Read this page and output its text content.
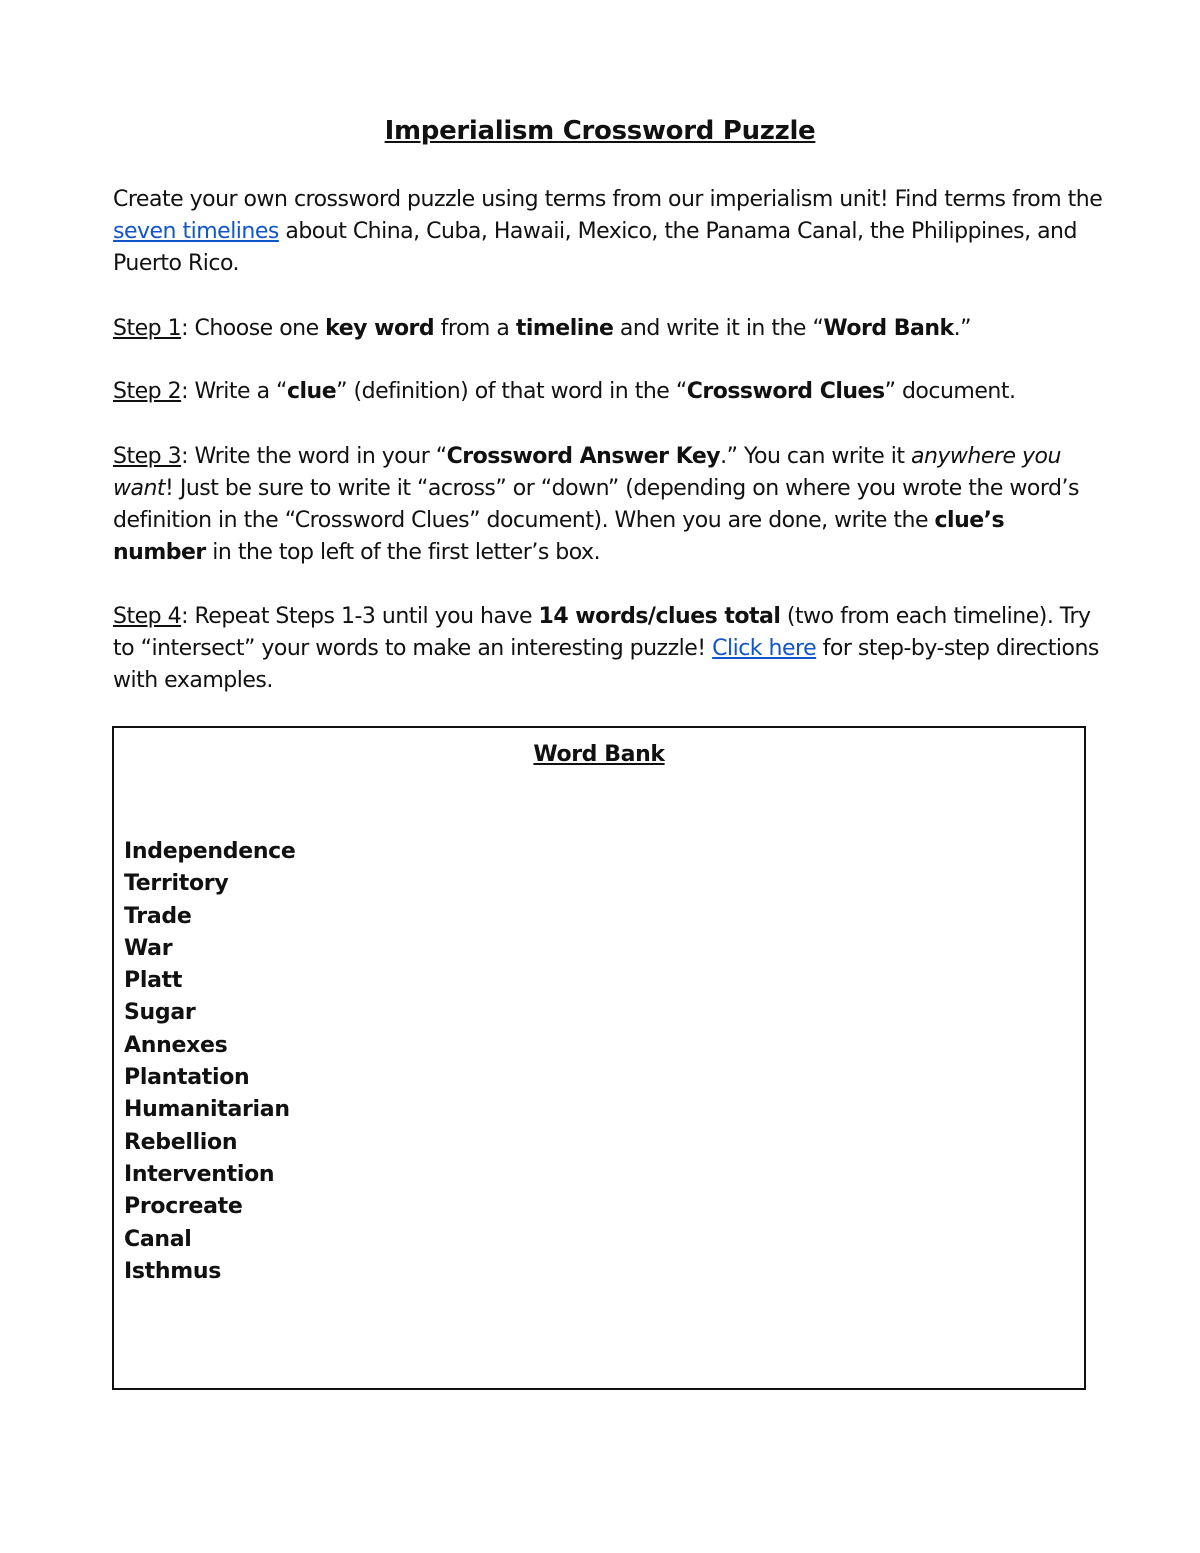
Imperialism Crossword Puzzle

Create your own crossword puzzle using terms from our imperialism unit! Find terms from the seven timelines about China, Cuba, Hawaii, Mexico, the Panama Canal, the Philippines, and Puerto Rico.

Step 1: Choose one key word from a timeline and write it in the “Word Bank.”

Step 2: Write a “clue” (definition) of that word in the “Crossword Clues” document.

Step 3: Write the word in your “Crossword Answer Key.” You can write it anywhere you want! Just be sure to write it “across” or “down” (depending on where you wrote the word’s definition in the “Crossword Clues” document). When you are done, write the clue’s number in the top left of the first letter’s box.

Step 4: Repeat Steps 1-3 until you have 14 words/clues total (two from each timeline). Try to “intersect” your words to make an interesting puzzle! Click here for step-by-step directions with examples.

Word Bank
Independence
Territory
Trade
War
Platt
Sugar
Annexes
Plantation
Humanitarian
Rebellion
Intervention
Procreate
Canal
Isthmus
